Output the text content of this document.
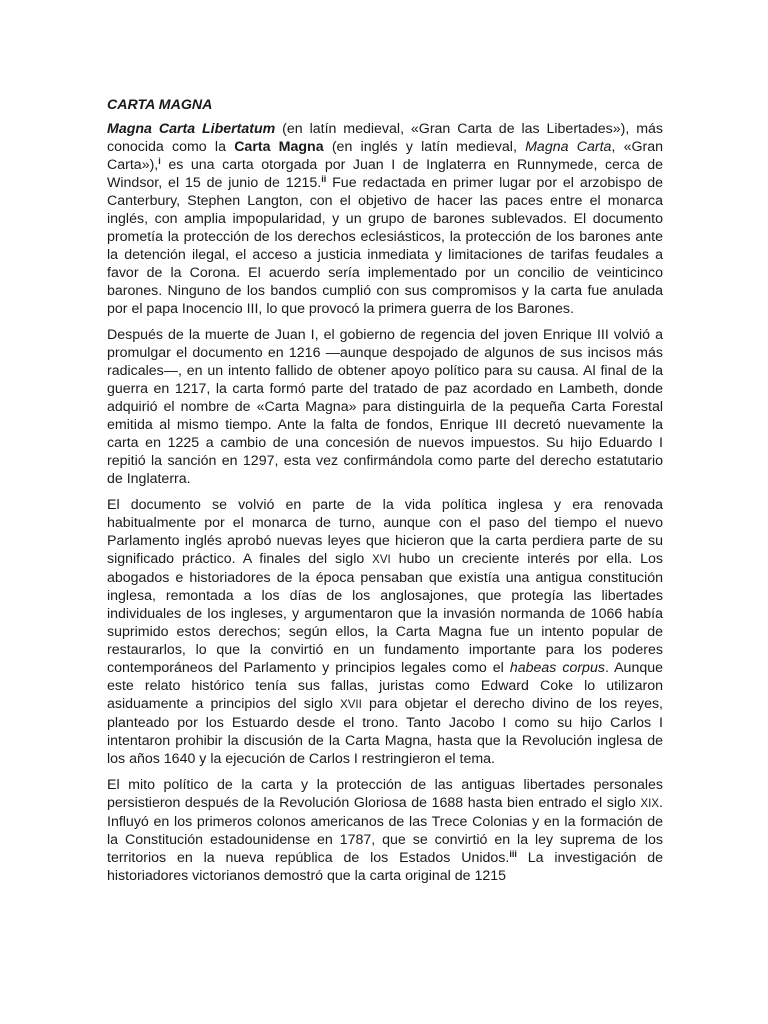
CARTA MAGNA

Magna Carta Libertatum (en latín medieval, «Gran Carta de las Libertades»), más conocida como la Carta Magna (en inglés y latín medieval, Magna Carta, «Gran Carta»),$^i$ es una carta otorgada por Juan I de Inglaterra en Runnymede, cerca de Windsor, el 15 de junio de 1215.$^{ii}$ Fue redactada en primer lugar por el arzobispo de Canterbury, Stephen Langton, con el objetivo de hacer las paces entre el monarca inglés, con amplia impopularidad, y un grupo de barones sublevados. El documento prometía la protección de los derechos eclesiásticos, la protección de los barones ante la detención ilegal, el acceso a justicia inmediata y limitaciones de tarifas feudales a favor de la Corona. El acuerdo sería implementado por un concilio de veinticinco barones. Ninguno de los bandos cumplió con sus compromisos y la carta fue anulada por el papa Inocencio III, lo que provocó la primera guerra de los Barones.

Después de la muerte de Juan I, el gobierno de regencia del joven Enrique III volvió a promulgar el documento en 1216 —aunque despojado de algunos de sus incisos más radicales—, en un intento fallido de obtener apoyo político para su causa. Al final de la guerra en 1217, la carta formó parte del tratado de paz acordado en Lambeth, donde adquirió el nombre de «Carta Magna» para distinguirla de la pequeña Carta Forestal emitida al mismo tiempo. Ante la falta de fondos, Enrique III decretó nuevamente la carta en 1225 a cambio de una concesión de nuevos impuestos. Su hijo Eduardo I repitió la sanción en 1297, esta vez confirmándola como parte del derecho estatutario de Inglaterra.

El documento se volvió en parte de la vida política inglesa y era renovada habitualmente por el monarca de turno, aunque con el paso del tiempo el nuevo Parlamento inglés aprobó nuevas leyes que hicieron que la carta perdiera parte de su significado práctico. A finales del siglo XVI hubo un creciente interés por ella. Los abogados e historiadores de la época pensaban que existía una antigua constitución inglesa, remontada a los días de los anglosajones, que protegía las libertades individuales de los ingleses, y argumentaron que la invasión normanda de 1066 había suprimido estos derechos; según ellos, la Carta Magna fue un intento popular de restaurarlos, lo que la convirtió en un fundamento importante para los poderes contemporáneos del Parlamento y principios legales como el habeas corpus. Aunque este relato histórico tenía sus fallas, juristas como Edward Coke lo utilizaron asiduamente a principios del siglo XVII para objetar el derecho divino de los reyes, planteado por los Estuardo desde el trono. Tanto Jacobo I como su hijo Carlos I intentaron prohibir la discusión de la Carta Magna, hasta que la Revolución inglesa de los años 1640 y la ejecución de Carlos I restringieron el tema.

El mito político de la carta y la protección de las antiguas libertades personales persistieron después de la Revolución Gloriosa de 1688 hasta bien entrado el siglo XIX. Influyó en los primeros colonos americanos de las Trece Colonias y en la formación de la Constitución estadounidense en 1787, que se convirtió en la ley suprema de los territorios en la nueva república de los Estados Unidos.$^{iii}$ La investigación de historiadores victorianos demostró que la carta original de 1215
